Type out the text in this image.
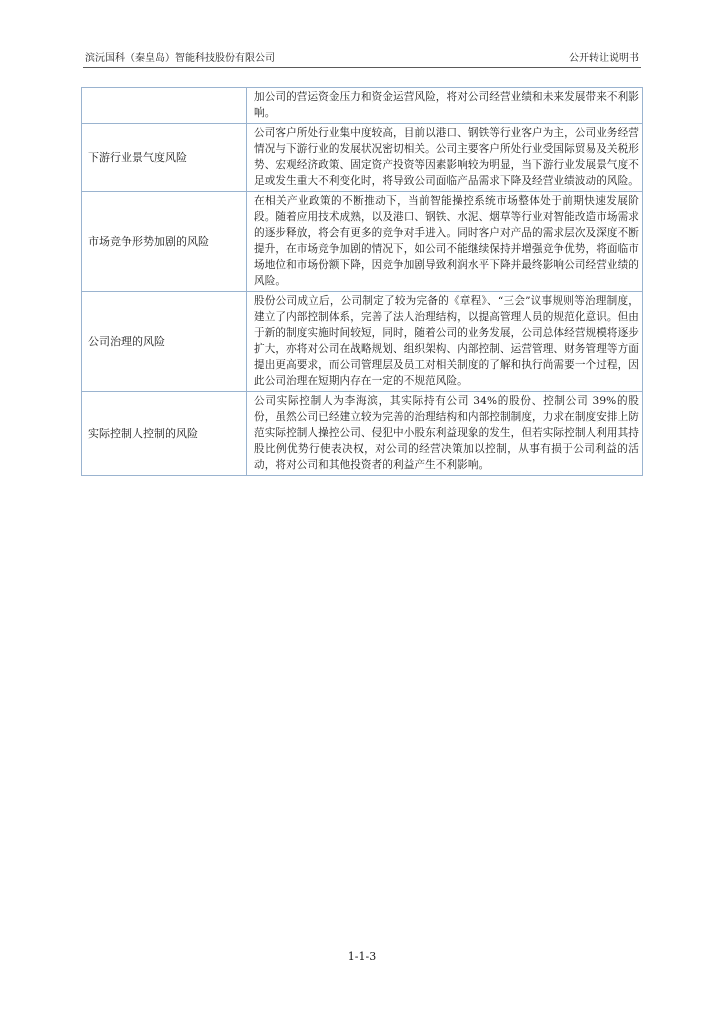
滨沅国科（秦皇岛）智能科技股份有限公司	公开转让说明书
	加公司的营运资金压力和资金运营风险，将对公司经营业绩和未来发展带来不利影响。
下游行业景气度风险	公司客户所处行业集中度较高，目前以港口、钢铁等行业客户为主，公司业务经营情况与下游行业的发展状况密切相关。公司主要客户所处行业受国际贸易及关税形势、宏观经济政策、固定资产投资等因素影响较为明显，当下游行业发展景气度不足或发生重大不利变化时，将导致公司面临产品需求下降及经营业绩波动的风险。
市场竞争形势加剧的风险	在相关产业政策的不断推动下，当前智能操控系统市场整体处于前期快速发展阶段。随着应用技术成熟，以及港口、钢铁、水泥、烟草等行业对智能改造市场需求的逐步释放，将会有更多的竞争对手进入。同时客户对产品的需求层次及深度不断提升，在市场竞争加剧的情况下，如公司不能继续保持并增强竞争优势，将面临市场地位和市场份额下降，因竞争加剧导致利润水平下降并最终影响公司经营业绩的风险。
公司治理的风险	股份公司成立后，公司制定了较为完备的《章程》、“三会”议事规则等治理制度，建立了内部控制体系，完善了法人治理结构，以提高管理人员的规范化意识。但由于新的制度实施时间较短，同时，随着公司的业务发展，公司总体经营规模将逐步扩大，亦将对公司在战略规划、组织架构、内部控制、运营管理、财务管理等方面提出更高要求，而公司管理层及员工对相关制度的了解和执行尚需要一个过程，因此公司治理在短期内存在一定的不规范风险。
实际控制人控制的风险	公司实际控制人为李海滨，其实际持有公司 34%的股份、控制公司 39%的股份，虽然公司已经建立较为完善的治理结构和内部控制制度，力求在制度安排上防范实际控制人操控公司、侵犯中小股东利益现象的发生，但若实际控制人利用其持股比例优势行使表决权，对公司的经营决策加以控制，从事有损于公司利益的活动，将对公司和其他投资者的利益产生不利影响。
1-1-3
